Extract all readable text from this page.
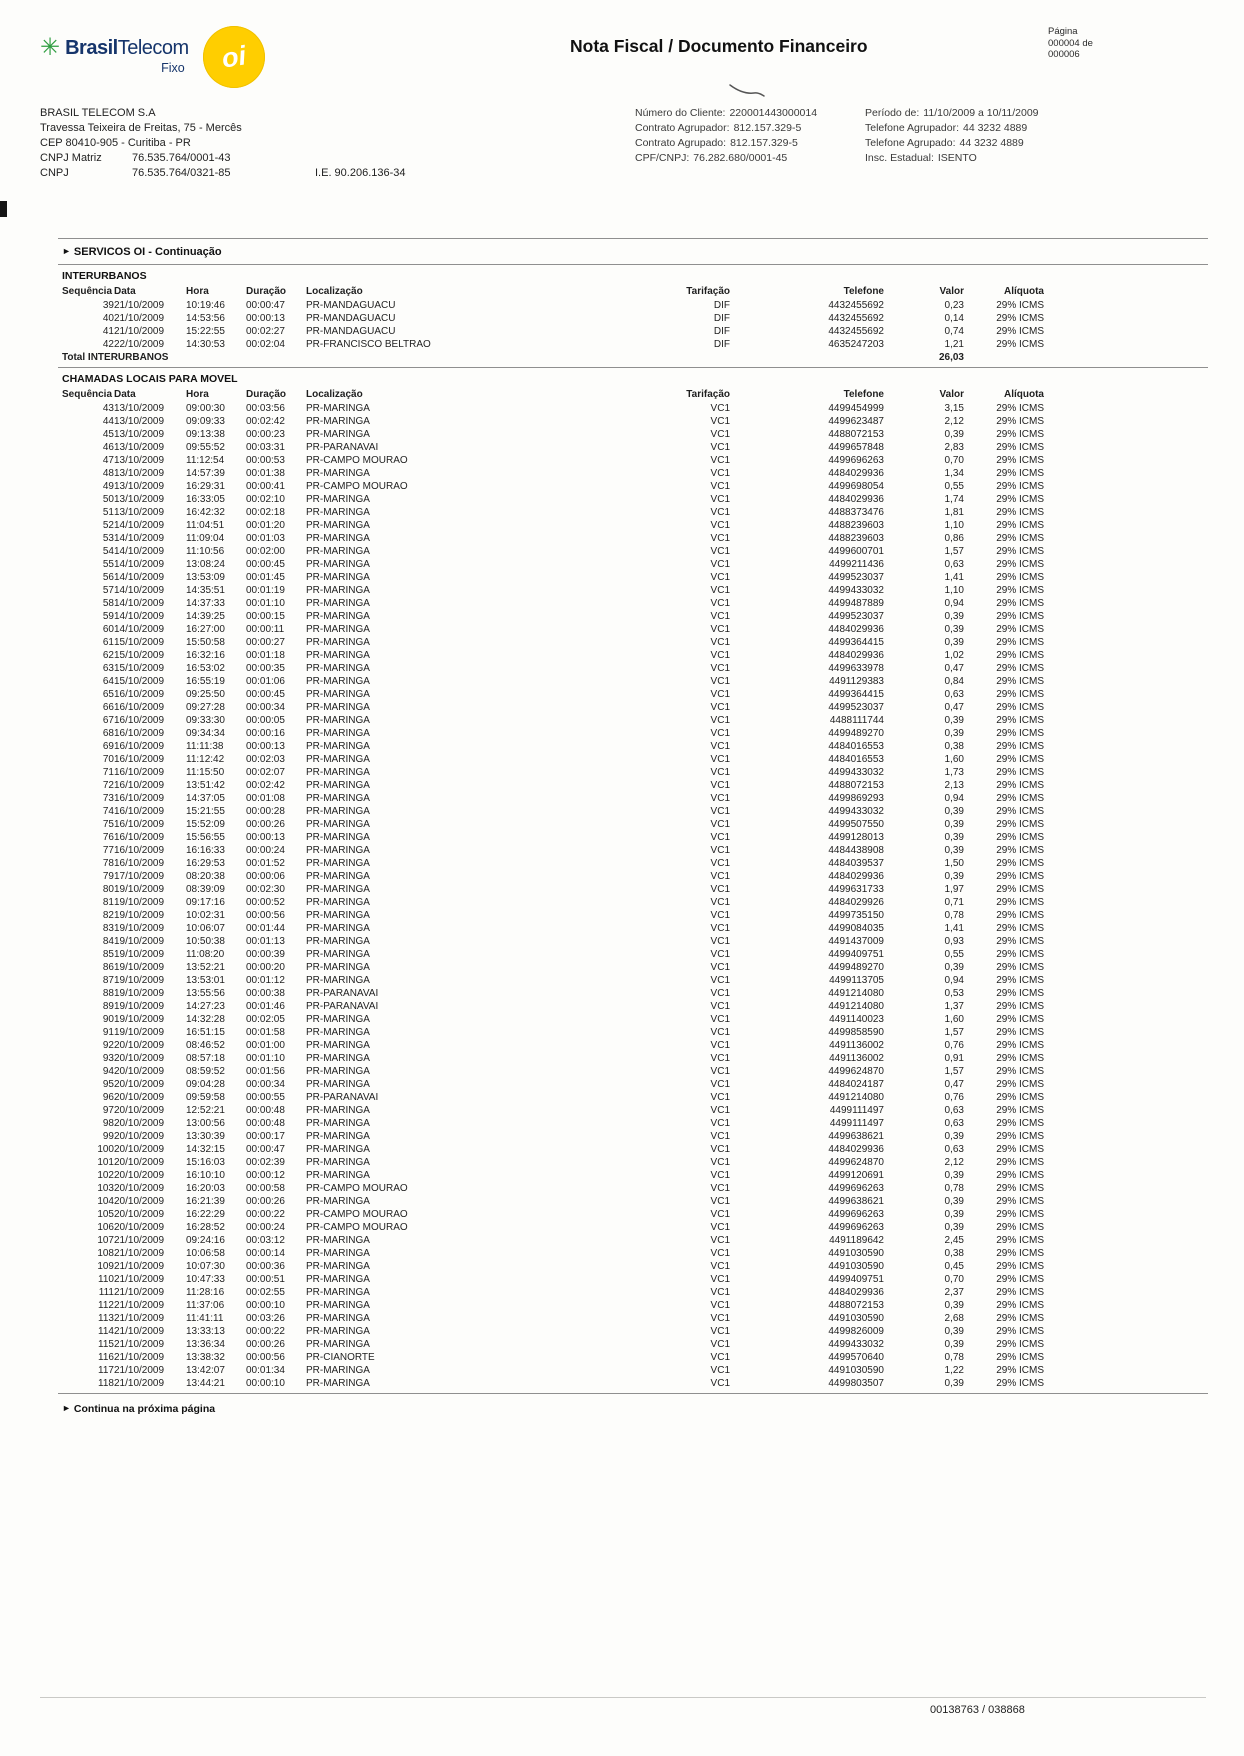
✳ BrasilTelecom
Fixo oi	Nota Fiscal / Documento Financeiro
Página
000004 de
000006
BRASIL TELECOM S.A
Travessa Teixeira de Freitas, 75 - Mercês
CEP 80410-905 - Curitiba - PR
CNPJ Matriz	76.535.764/0001-43
CNPJ	76.535.764/0321-85	I.E. 90.206.136-34
Número do Cliente: 220001443000014
Contrato Agrupador: 812.157.329-5
Contrato Agrupado: 812.157.329-5
CPF/CNPJ: 76.282.680/0001-45
Período de: 11/10/2009 a 10/11/2009
Telefone Agrupador: 44 3232 4889
Telefone Agrupado: 44 3232 4889
Insc. Estadual: ISENTO
► SERVICOS OI - Continuação
INTERURBANOS
Sequência	Data	Hora	Duração	Localização	Tarifação	Telefone	Valor	Alíquota
39	21/10/2009	10:19:46	00:00:47	PR-MANDAGUACU	DIF	4432455692	0,23	29% ICMS
40	21/10/2009	14:53:56	00:00:13	PR-MANDAGUACU	DIF	4432455692	0,14	29% ICMS
41	21/10/2009	15:22:55	00:02:27	PR-MANDAGUACU	DIF	4432455692	0,74	29% ICMS
42	22/10/2009	14:30:53	00:02:04	PR-FRANCISCO BELTRAO	DIF	4635247203	1,21	29% ICMS
Total INTERURBANOS							26,03	
CHAMADAS LOCAIS PARA MOVEL
Sequência	Data	Hora	Duração	Localização	Tarifação	Telefone	Valor	Alíquota
43	13/10/2009	09:00:30	00:03:56	PR-MARINGA	VC1	4499454999	3,15	29% ICMS
44	13/10/2009	09:09:33	00:02:42	PR-MARINGA	VC1	4499623487	2,12	29% ICMS
45	13/10/2009	09:13:38	00:00:23	PR-MARINGA	VC1	4488072153	0,39	29% ICMS
46	13/10/2009	09:55:52	00:03:31	PR-PARANAVAI	VC1	4499657848	2,83	29% ICMS
47	13/10/2009	11:12:54	00:00:53	PR-CAMPO MOURAO	VC1	4499696263	0,70	29% ICMS
48	13/10/2009	14:57:39	00:01:38	PR-MARINGA	VC1	4484029936	1,34	29% ICMS
49	13/10/2009	16:29:31	00:00:41	PR-CAMPO MOURAO	VC1	4499698054	0,55	29% ICMS
50	13/10/2009	16:33:05	00:02:10	PR-MARINGA	VC1	4484029936	1,74	29% ICMS
51	13/10/2009	16:42:32	00:02:18	PR-MARINGA	VC1	4488373476	1,81	29% ICMS
52	14/10/2009	11:04:51	00:01:20	PR-MARINGA	VC1	4488239603	1,10	29% ICMS
53	14/10/2009	11:09:04	00:01:03	PR-MARINGA	VC1	4488239603	0,86	29% ICMS
54	14/10/2009	11:10:56	00:02:00	PR-MARINGA	VC1	4499600701	1,57	29% ICMS
55	14/10/2009	13:08:24	00:00:45	PR-MARINGA	VC1	4499211436	0,63	29% ICMS
56	14/10/2009	13:53:09	00:01:45	PR-MARINGA	VC1	4499523037	1,41	29% ICMS
57	14/10/2009	14:35:51	00:01:19	PR-MARINGA	VC1	4499433032	1,10	29% ICMS
58	14/10/2009	14:37:33	00:01:10	PR-MARINGA	VC1	4499487889	0,94	29% ICMS
59	14/10/2009	14:39:25	00:00:15	PR-MARINGA	VC1	4499523037	0,39	29% ICMS
60	14/10/2009	16:27:00	00:00:11	PR-MARINGA	VC1	4484029936	0,39	29% ICMS
61	15/10/2009	15:50:58	00:00:27	PR-MARINGA	VC1	4499364415	0,39	29% ICMS
62	15/10/2009	16:32:16	00:01:18	PR-MARINGA	VC1	4484029936	1,02	29% ICMS
63	15/10/2009	16:53:02	00:00:35	PR-MARINGA	VC1	4499633978	0,47	29% ICMS
64	15/10/2009	16:55:19	00:01:06	PR-MARINGA	VC1	4491129383	0,84	29% ICMS
65	16/10/2009	09:25:50	00:00:45	PR-MARINGA	VC1	4499364415	0,63	29% ICMS
66	16/10/2009	09:27:28	00:00:34	PR-MARINGA	VC1	4499523037	0,47	29% ICMS
67	16/10/2009	09:33:30	00:00:05	PR-MARINGA	VC1	4488111744	0,39	29% ICMS
68	16/10/2009	09:34:34	00:00:16	PR-MARINGA	VC1	4499489270	0,39	29% ICMS
69	16/10/2009	11:11:38	00:00:13	PR-MARINGA	VC1	4484016553	0,38	29% ICMS
70	16/10/2009	11:12:42	00:02:03	PR-MARINGA	VC1	4484016553	1,60	29% ICMS
71	16/10/2009	11:15:50	00:02:07	PR-MARINGA	VC1	4499433032	1,73	29% ICMS
72	16/10/2009	13:51:42	00:02:42	PR-MARINGA	VC1	4488072153	2,13	29% ICMS
73	16/10/2009	14:37:05	00:01:08	PR-MARINGA	VC1	4499869293	0,94	29% ICMS
74	16/10/2009	15:21:55	00:00:28	PR-MARINGA	VC1	4499433032	0,39	29% ICMS
75	16/10/2009	15:52:09	00:00:26	PR-MARINGA	VC1	4499507550	0,39	29% ICMS
76	16/10/2009	15:56:55	00:00:13	PR-MARINGA	VC1	4499128013	0,39	29% ICMS
77	16/10/2009	16:16:33	00:00:24	PR-MARINGA	VC1	4484438908	0,39	29% ICMS
78	16/10/2009	16:29:53	00:01:52	PR-MARINGA	VC1	4484039537	1,50	29% ICMS
79	17/10/2009	08:20:38	00:00:06	PR-MARINGA	VC1	4484029936	0,39	29% ICMS
80	19/10/2009	08:39:09	00:02:30	PR-MARINGA	VC1	4499631733	1,97	29% ICMS
81	19/10/2009	09:17:16	00:00:52	PR-MARINGA	VC1	4484029926	0,71	29% ICMS
82	19/10/2009	10:02:31	00:00:56	PR-MARINGA	VC1	4499735150	0,78	29% ICMS
83	19/10/2009	10:06:07	00:01:44	PR-MARINGA	VC1	4499084035	1,41	29% ICMS
84	19/10/2009	10:50:38	00:01:13	PR-MARINGA	VC1	4491437009	0,93	29% ICMS
85	19/10/2009	11:08:20	00:00:39	PR-MARINGA	VC1	4499409751	0,55	29% ICMS
86	19/10/2009	13:52:21	00:00:20	PR-MARINGA	VC1	4499489270	0,39	29% ICMS
87	19/10/2009	13:53:01	00:01:12	PR-MARINGA	VC1	4499113705	0,94	29% ICMS
88	19/10/2009	13:55:56	00:00:38	PR-PARANAVAI	VC1	4491214080	0,53	29% ICMS
89	19/10/2009	14:27:23	00:01:46	PR-PARANAVAI	VC1	4491214080	1,37	29% ICMS
90	19/10/2009	14:32:28	00:02:05	PR-MARINGA	VC1	4491140023	1,60	29% ICMS
91	19/10/2009	16:51:15	00:01:58	PR-MARINGA	VC1	4499858590	1,57	29% ICMS
92	20/10/2009	08:46:52	00:01:00	PR-MARINGA	VC1	4491136002	0,76	29% ICMS
93	20/10/2009	08:57:18	00:01:10	PR-MARINGA	VC1	4491136002	0,91	29% ICMS
94	20/10/2009	08:59:52	00:01:56	PR-MARINGA	VC1	4499624870	1,57	29% ICMS
95	20/10/2009	09:04:28	00:00:34	PR-MARINGA	VC1	4484024187	0,47	29% ICMS
96	20/10/2009	09:59:58	00:00:55	PR-PARANAVAI	VC1	4491214080	0,76	29% ICMS
97	20/10/2009	12:52:21	00:00:48	PR-MARINGA	VC1	4499111497	0,63	29% ICMS
98	20/10/2009	13:00:56	00:00:48	PR-MARINGA	VC1	4499111497	0,63	29% ICMS
99	20/10/2009	13:30:39	00:00:17	PR-MARINGA	VC1	4499638621	0,39	29% ICMS
100	20/10/2009	14:32:15	00:00:47	PR-MARINGA	VC1	4484029936	0,63	29% ICMS
101	20/10/2009	15:16:03	00:02:39	PR-MARINGA	VC1	4499624870	2,12	29% ICMS
102	20/10/2009	16:10:10	00:00:12	PR-MARINGA	VC1	4499120691	0,39	29% ICMS
103	20/10/2009	16:20:03	00:00:58	PR-CAMPO MOURAO	VC1	4499696263	0,78	29% ICMS
104	20/10/2009	16:21:39	00:00:26	PR-MARINGA	VC1	4499638621	0,39	29% ICMS
105	20/10/2009	16:22:29	00:00:22	PR-CAMPO MOURAO	VC1	4499696263	0,39	29% ICMS
106	20/10/2009	16:28:52	00:00:24	PR-CAMPO MOURAO	VC1	4499696263	0,39	29% ICMS
107	21/10/2009	09:24:16	00:03:12	PR-MARINGA	VC1	4491189642	2,45	29% ICMS
108	21/10/2009	10:06:58	00:00:14	PR-MARINGA	VC1	4491030590	0,38	29% ICMS
109	21/10/2009	10:07:30	00:00:36	PR-MARINGA	VC1	4491030590	0,45	29% ICMS
110	21/10/2009	10:47:33	00:00:51	PR-MARINGA	VC1	4499409751	0,70	29% ICMS
111	21/10/2009	11:28:16	00:02:55	PR-MARINGA	VC1	4484029936	2,37	29% ICMS
112	21/10/2009	11:37:06	00:00:10	PR-MARINGA	VC1	4488072153	0,39	29% ICMS
113	21/10/2009	11:41:11	00:03:26	PR-MARINGA	VC1	4491030590	2,68	29% ICMS
114	21/10/2009	13:33:13	00:00:22	PR-MARINGA	VC1	4499826009	0,39	29% ICMS
115	21/10/2009	13:36:34	00:00:26	PR-MARINGA	VC1	4499433032	0,39	29% ICMS
116	21/10/2009	13:38:32	00:00:56	PR-CIANORTE	VC1	4499570640	0,78	29% ICMS
117	21/10/2009	13:42:07	00:01:34	PR-MARINGA	VC1	4491030590	1,22	29% ICMS
118	21/10/2009	13:44:21	00:00:10	PR-MARINGA	VC1	4499803507	0,39	29% ICMS
► Continua na próxima página
00138763 / 038868
